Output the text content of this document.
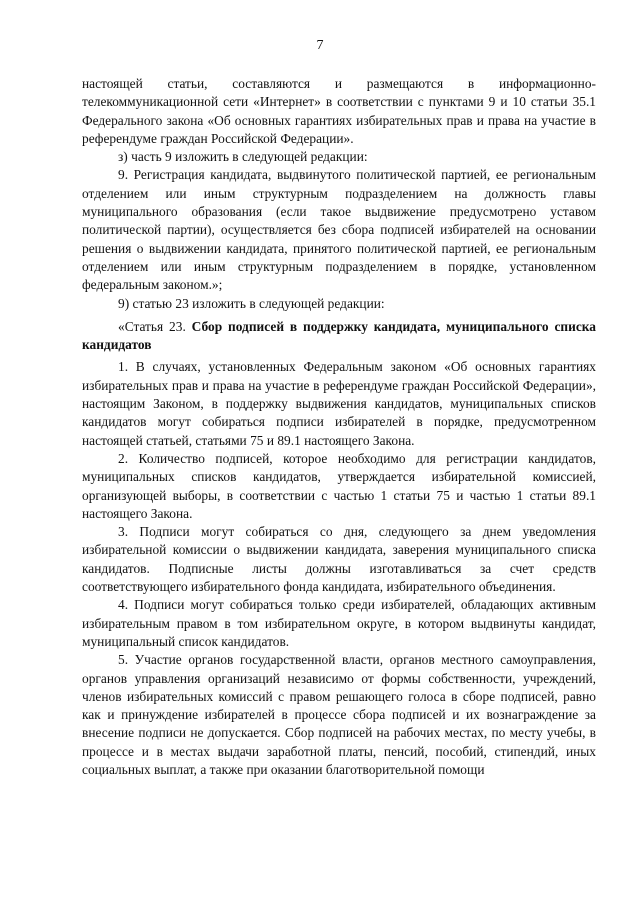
7

настоящей статьи, составляются и размещаются в информационно-телекоммуникационной сети «Интернет» в соответствии с пунктами 9 и 10 статьи 35.1 Федерального закона «Об основных гарантиях избирательных прав и права на участие в референдуме граждан Российской Федерации».

з) часть 9 изложить в следующей редакции:

9. Регистрация кандидата, выдвинутого политической партией, ее региональным отделением или иным структурным подразделением на должность главы муниципального образования (если такое выдвижение предусмотрено уставом политической партии), осуществляется без сбора подписей избирателей на основании решения о выдвижении кандидата, принятого политической партией, ее региональным отделением или иным структурным подразделением в порядке, установленном федеральным законом.»;

9) статью 23 изложить в следующей редакции:

«Статья 23. Сбор подписей в поддержку кандидата, муниципального списка кандидатов

1. В случаях, установленных Федеральным законом «Об основных гарантиях избирательных прав и права на участие в референдуме граждан Российской Федерации», настоящим Законом, в поддержку выдвижения кандидатов, муниципальных списков кандидатов могут собираться подписи избирателей в порядке, предусмотренном настоящей статьей, статьями 75 и 89.1 настоящего Закона.

2. Количество подписей, которое необходимо для регистрации кандидатов, муниципальных списков кандидатов, утверждается избирательной комиссией, организующей выборы, в соответствии с частью 1 статьи 75 и частью 1 статьи 89.1 настоящего Закона.

3. Подписи могут собираться со дня, следующего за днем уведомления избирательной комиссии о выдвижении кандидата, заверения муниципального списка кандидатов. Подписные листы должны изготавливаться за счет средств соответствующего избирательного фонда кандидата, избирательного объединения.

4. Подписи могут собираться только среди избирателей, обладающих активным избирательным правом в том избирательном округе, в котором выдвинуты кандидат, муниципальный список кандидатов.

5. Участие органов государственной власти, органов местного самоуправления, органов управления организаций независимо от формы собственности, учреждений, членов избирательных комиссий с правом решающего голоса в сборе подписей, равно как и принуждение избирателей в процессе сбора подписей и их вознаграждение за внесение подписи не допускается. Сбор подписей на рабочих местах, по месту учебы, в процессе и в местах выдачи заработной платы, пенсий, пособий, стипендий, иных социальных выплат, а также при оказании благотворительной помощи
